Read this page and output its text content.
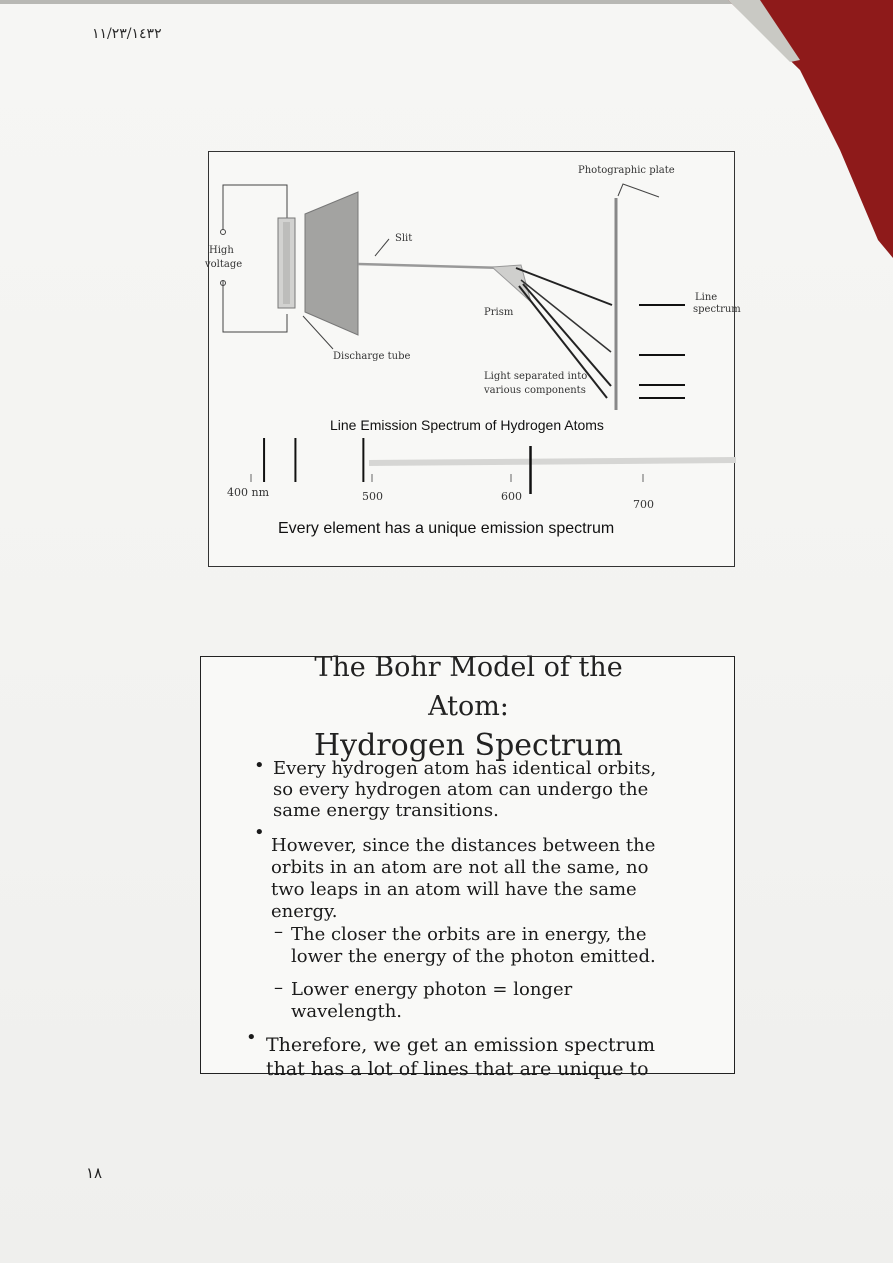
١١/٢٣/١٤٣٢
Photographic plate
Slit
High
voltage
Line
spectrum
Prism
Discharge tube
Light separated into
various components
Line Emission Spectrum of Hydrogen Atoms
400 nm	500	600
700
Every element has a unique emission spectrum
The Bohr Model of the
Atom:
Hydrogen Spectrum
• Every hydrogen atom has identical orbits,
so every hydrogen atom can undergo the
same energy transitions.
•
However, since the distances between the
orbits in an atom are not all the same, no
two leaps in an atom will have the same
energy.
– The closer the orbits are in energy, the
lower the energy of the photon emitted.
– Lower energy photon = longer
wavelength.
• Therefore, we get an emission spectrum
that has a lot of lines that are unique to
١٨
